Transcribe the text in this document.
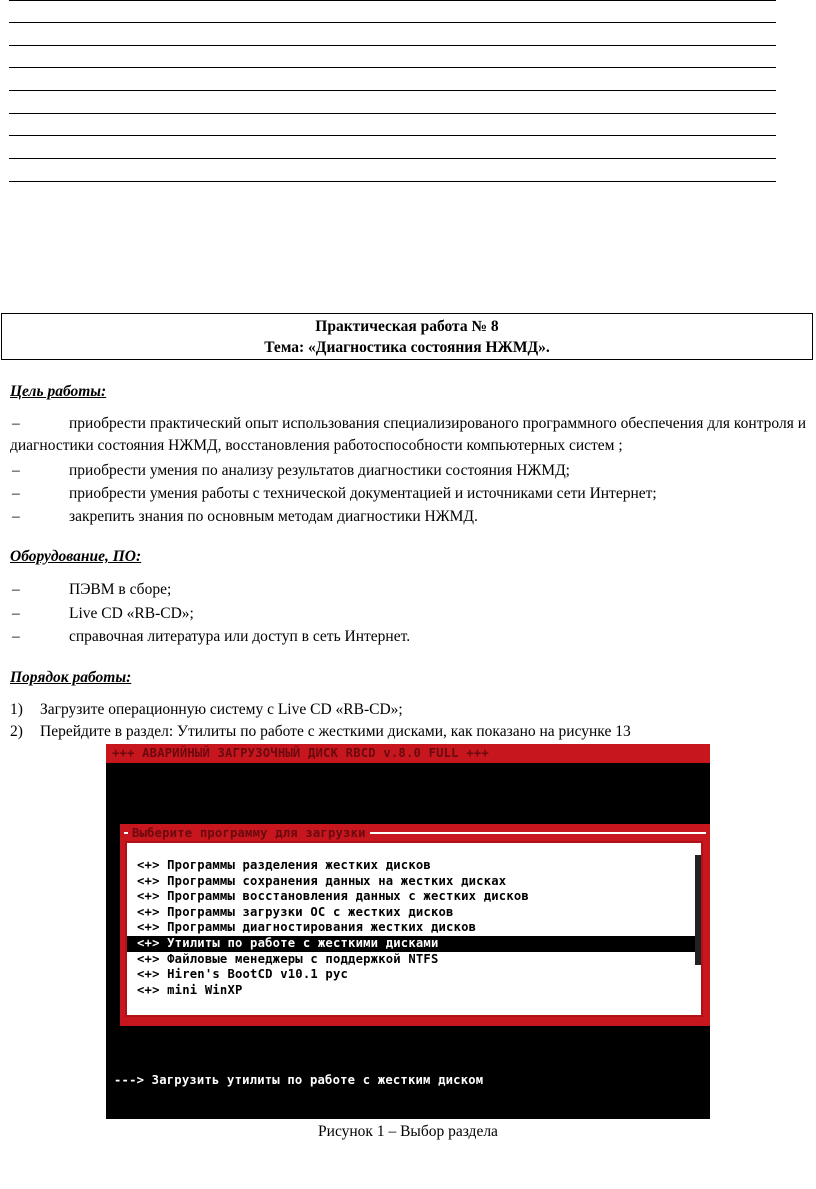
Практическая работа № 8
Тема: «Диагностика состояния НЖМД».
Цель работы:
–	приобрести практический опыт использования специализированого программного обеспечения для контроля и диагностики состояния НЖМД, восстановления работоспособности компьютерных систем ;
–	приобрести умения по анализу результатов диагностики состояния НЖМД;
–	приобрести умения работы с технической документацией и источниками сети Интернет;
–	закрепить знания по основным методам диагностики НЖМД.
Оборудование, ПО:
–	ПЭВМ в сборе;
–	Live CD «RB-CD»;
–	справочная литература или доступ в сеть Интернет.
Порядок работы:
1)	Загрузите операционную систему с Live CD «RB-CD»;
2)	Перейдите в раздел: Утилиты по работе с жесткими дисками, как показано на рисунке 13
+++ АВАРИЙНЫЙ ЗАГРУЗОЧНЫЙ ДИСК RBCD v.8.0 FULL +++
Выберите программу для загрузки
<+> Программы разделения жестких дисков
<+> Программы сохранения данных на жестких дисках
<+> Программы восстановления данных с жестких дисков
<+> Программы загрузки ОС с жестких дисков
<+> Программы диагностирования жестких дисков
<+> Утилиты по работе с жесткими дисками
<+> Файловые менеджеры с поддержкой NTFS
<+> Hiren's BootCD v10.1 рус
<+> mini WinXP
---> Загрузить утилиты по работе с жестким диском
Рисунок 1 – Выбор раздела
